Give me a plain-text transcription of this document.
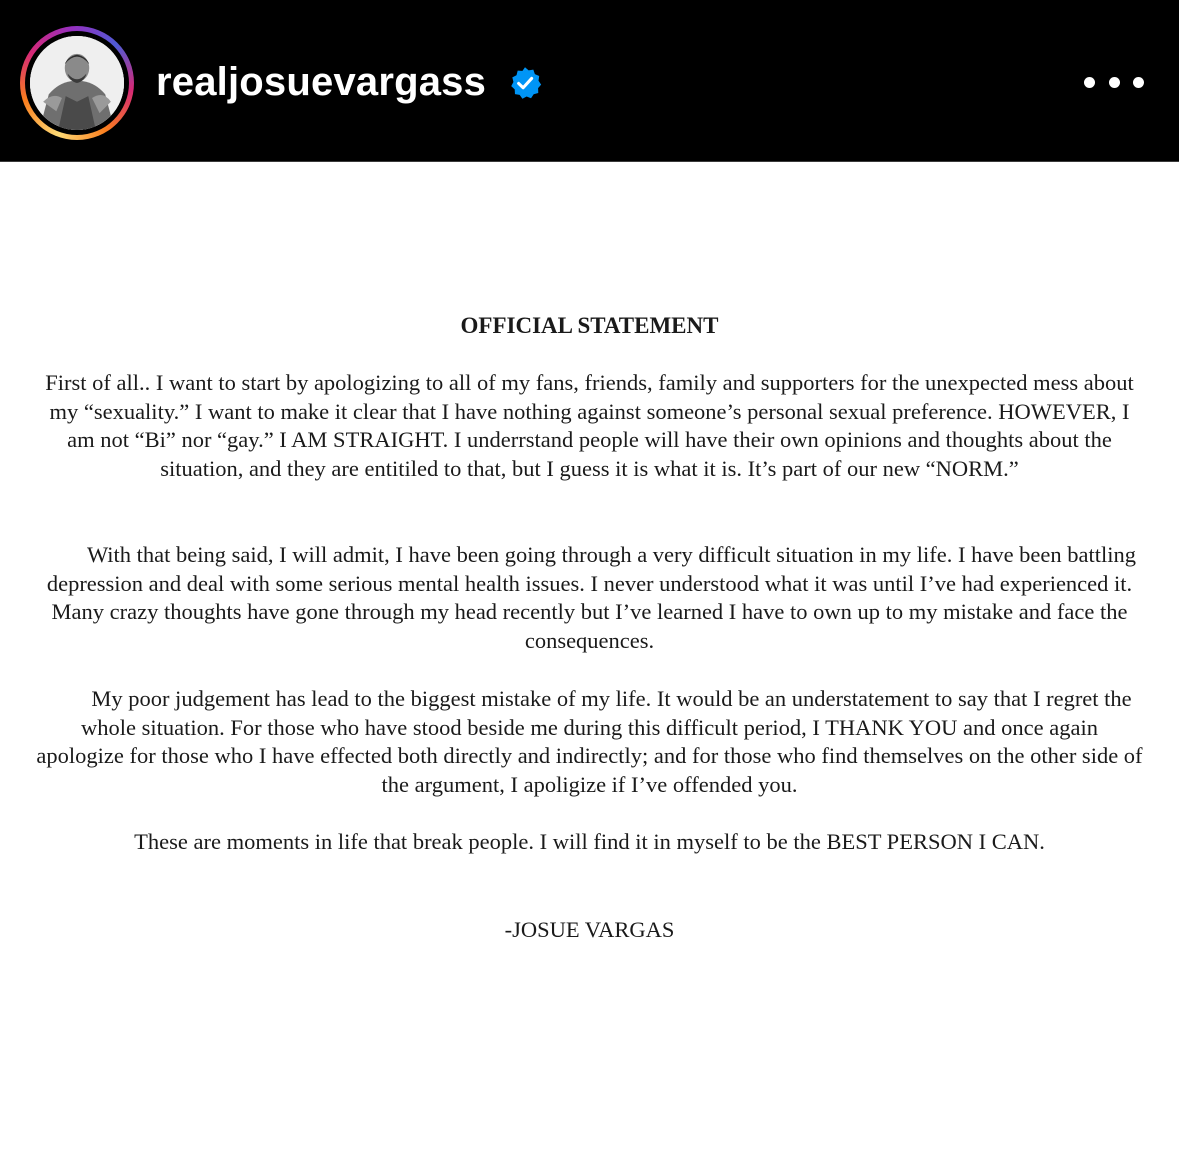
realjosuevargass
OFFICIAL STATEMENT

First of all.. I want to start by apologizing to all of my fans, friends, family and supporters for the unexpected mess about my “sexuality.” I want to make it clear that I have nothing against someone’s personal sexual preference. HOWEVER, I am not “Bi” nor “gay.” I AM STRAIGHT. I underrstand people will have their own opinions and thoughts about the situation, and they are entitiled to that, but I guess it is what it is. It’s part of our new “NORM.”

With that being said, I will admit, I have been going through a very difficult situation in my life. I have been battling depression and deal with some serious mental health issues. I never understood what it was until I’ve had experienced it. Many crazy thoughts have gone through my head recently but I’ve learned I have to own up to my mistake and face the consequences.

My poor judgement has lead to the biggest mistake of my life. It would be an understatement to say that I regret the whole situation. For those who have stood beside me during this difficult period, I THANK YOU and once again apologize for those who I have effected both directly and indirectly; and for those who find themselves on the other side of the argument, I apoligize if I’ve offended you.

These are moments in life that break people. I will find it in myself to be the BEST PERSON I CAN.

-JOSUE VARGAS
